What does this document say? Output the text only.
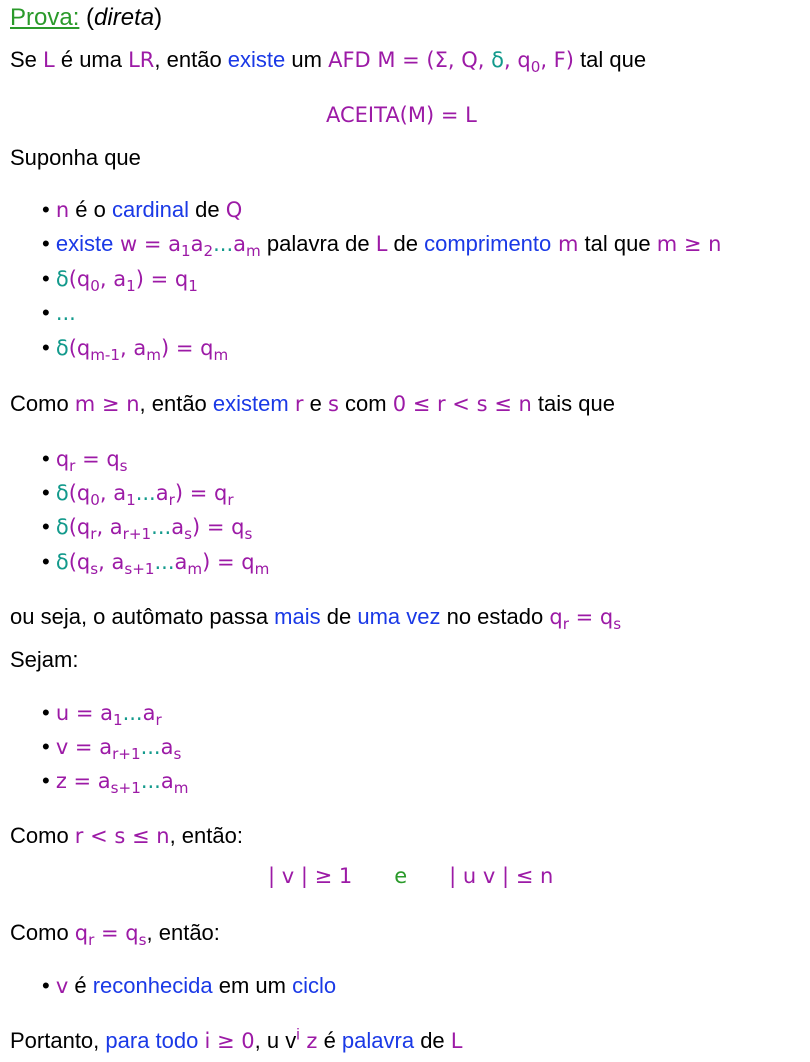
Prova: (direta)
Se L é uma LR, então existe um AFD M = (Σ, Q, δ, $q_0$, F) tal que
ACEITA(M) = L
Suponha que
• n é o cardinal de Q
• existe $w = a_1a_2...a_m$ palavra de L de comprimento m tal que m ≥ n
• $\delta(q_0$, $a_1) = q_1$
• ...
• $\delta(q_{m-1}$, $a_m) = q_m$
Como m ≥ n, então existem r e s com 0 ≤ r < s ≤ n tais que
• $q_r = q_s$
• $\delta(q_0$, $a_1...a_r) = q_r$
• $\delta(q_r$, $a_{r+1}...a_s) = q_s$
• $\delta(q_s$, $a_{s+1}...a_m) = q_m$
ou seja, o autômato passa mais de uma vez no estado $q_r = q_s$
Sejam:
• $u = a_1...a_r$
• $v = a_{r+1}...a_s$
• $z = a_{s+1}...a_m$
Como r < s ≤ n, então:
| v | ≥ 1 e | u v | ≤ n
Como $q_r = q_s$, então:
• v é reconhecida em um ciclo
Portanto, para todo i ≥ 0, u $v^i$ z é palavra de L
